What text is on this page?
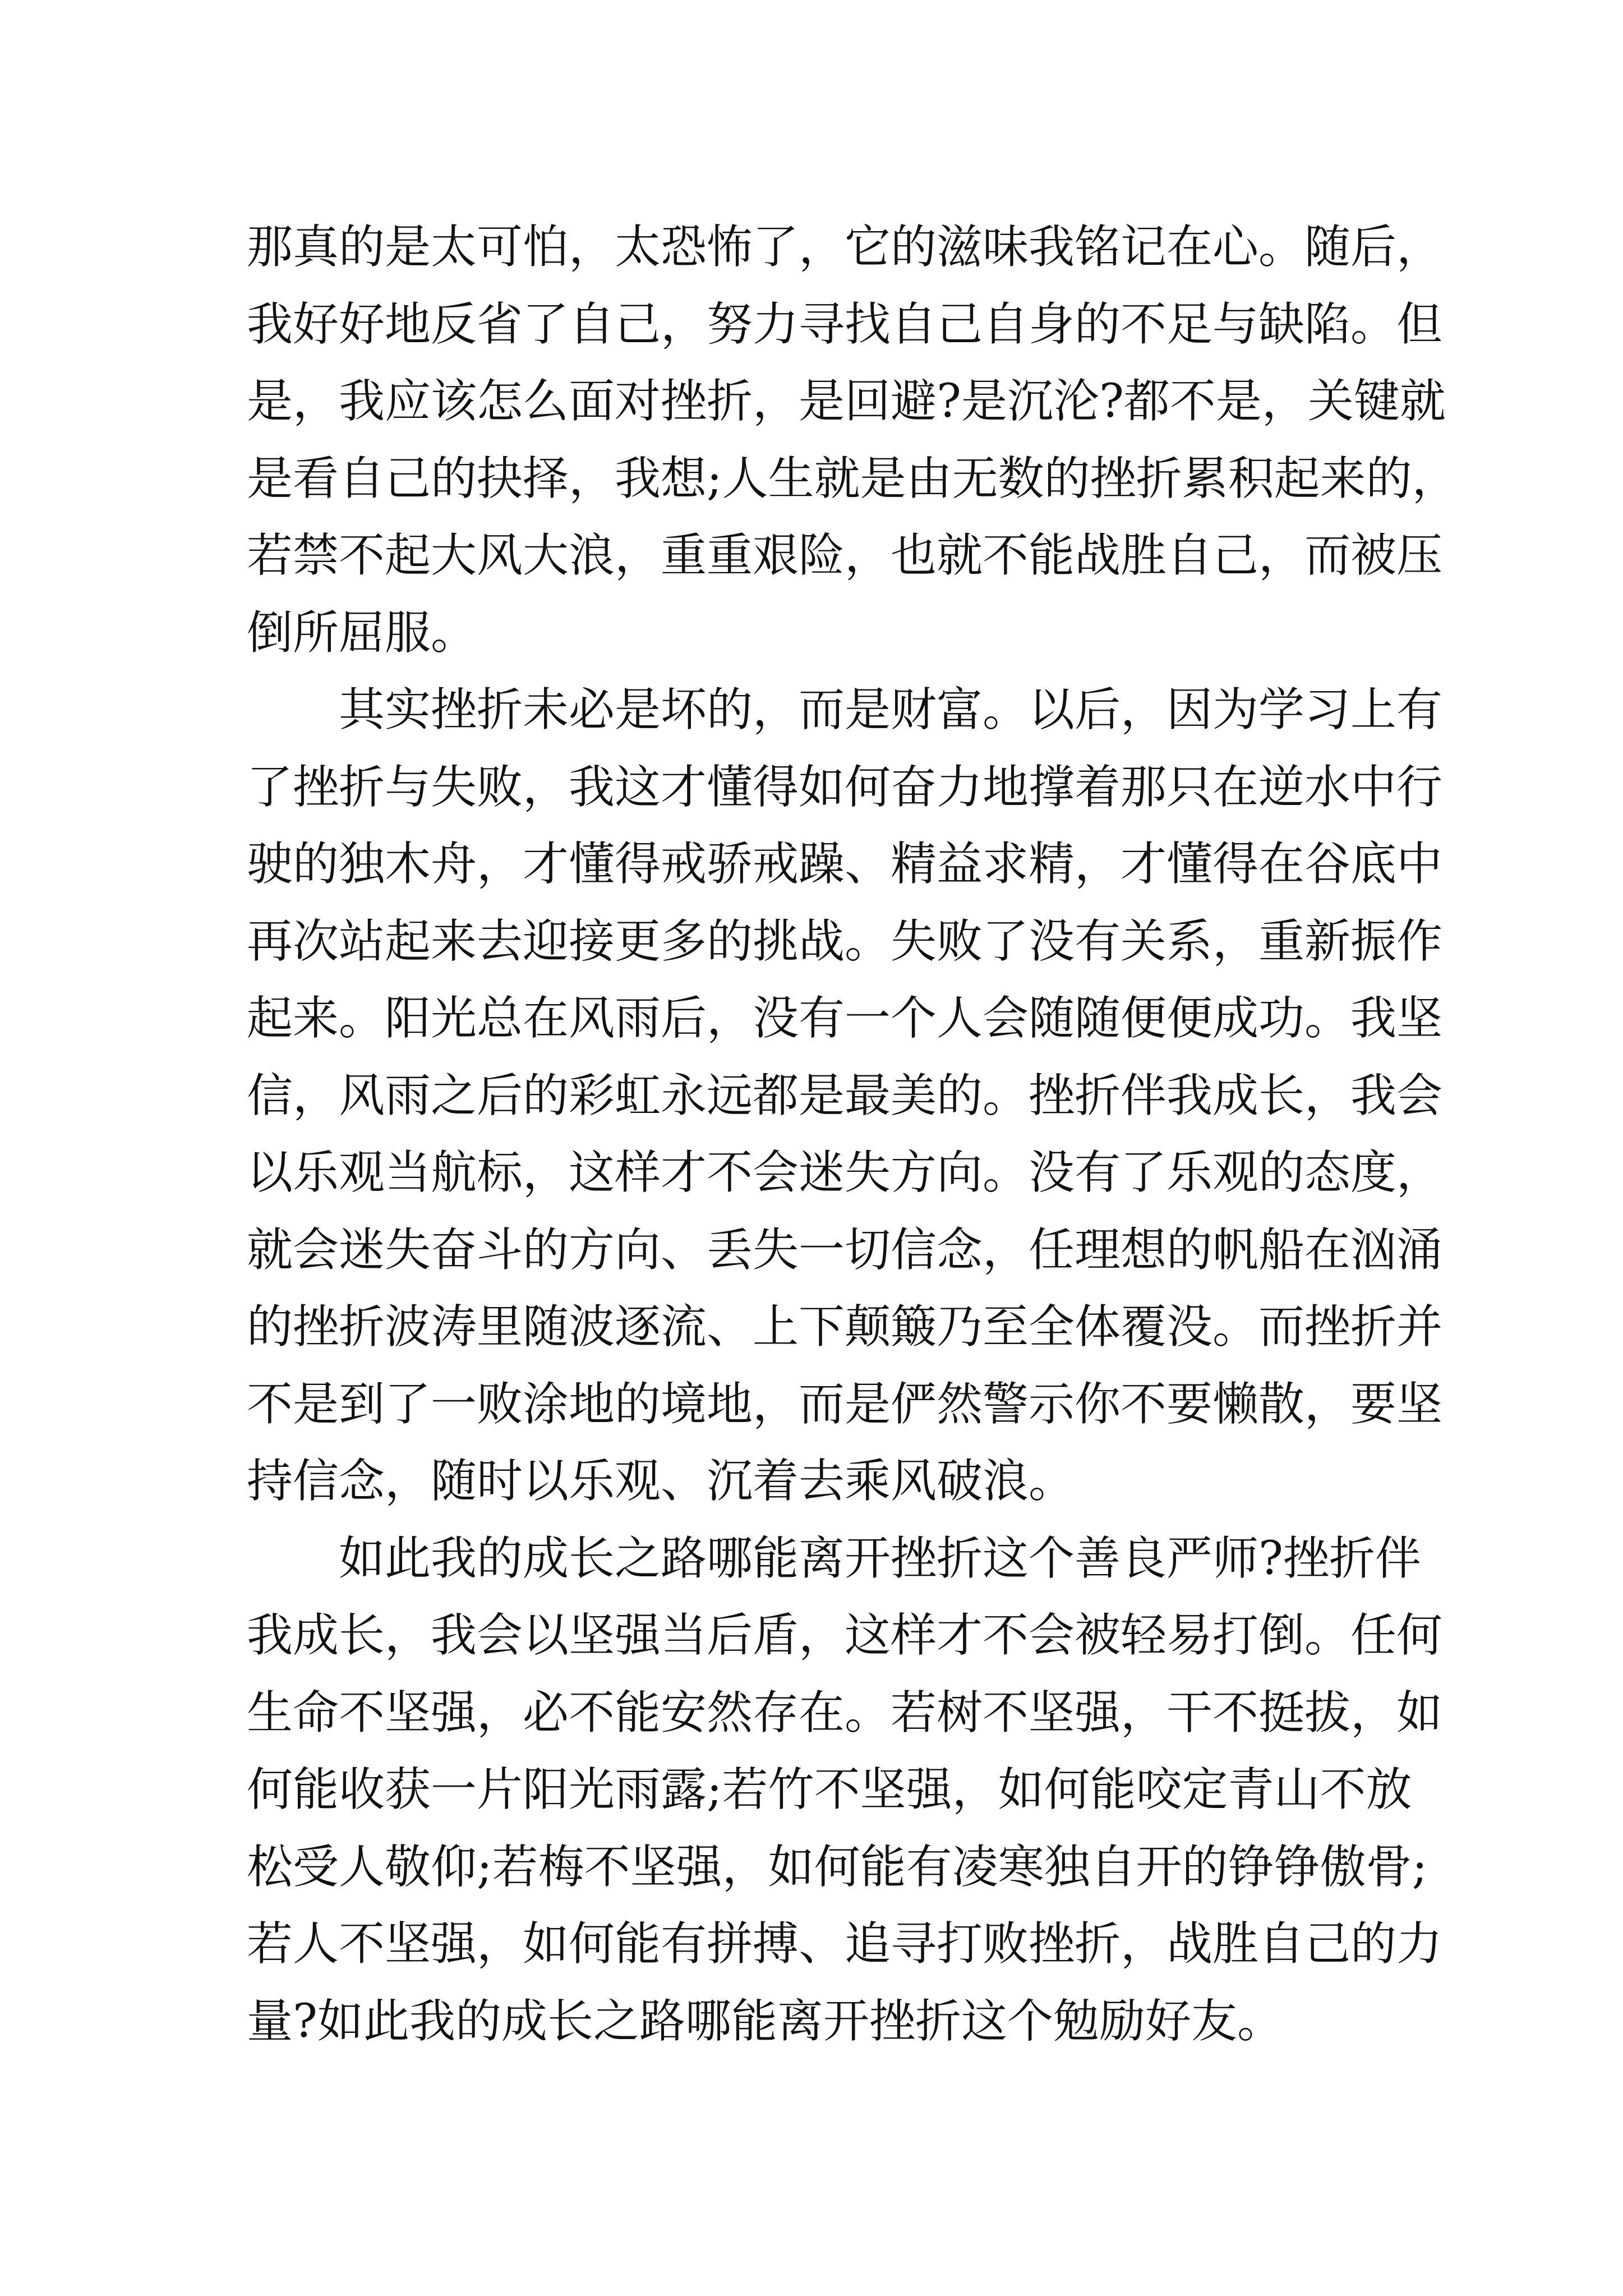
那真的是太可怕，太恐怖了，它的滋味我铭记在心。随后，
我好好地反省了自己，努力寻找自己自身的不足与缺陷。但
是，我应该怎么面对挫折，是回避?是沉沦?都不是，关键就
是看自己的抉择，我想;人生就是由无数的挫折累积起来的，
若禁不起大风大浪，重重艰险，也就不能战胜自己，而被压
倒所屈服。
其实挫折未必是坏的，而是财富。以后，因为学习上有
了挫折与失败，我这才懂得如何奋力地撑着那只在逆水中行
驶的独木舟，才懂得戒骄戒躁、精益求精，才懂得在谷底中
再次站起来去迎接更多的挑战。失败了没有关系，重新振作
起来。阳光总在风雨后，没有一个人会随随便便成功。我坚
信，风雨之后的彩虹永远都是最美的。挫折伴我成长，我会
以乐观当航标，这样才不会迷失方向。没有了乐观的态度，
就会迷失奋斗的方向、丢失一切信念，任理想的帆船在汹涌
的挫折波涛里随波逐流、上下颠簸乃至全体覆没。而挫折并
不是到了一败涂地的境地，而是俨然警示你不要懒散，要坚
持信念，随时以乐观、沉着去乘风破浪。
如此我的成长之路哪能离开挫折这个善良严师?挫折伴
我成长，我会以坚强当后盾，这样才不会被轻易打倒。任何
生命不坚强，必不能安然存在。若树不坚强，干不挺拔，如
何能收获一片阳光雨露;若竹不坚强，如何能咬定青山不放
松受人敬仰;若梅不坚强，如何能有凌寒独自开的铮铮傲骨;
若人不坚强，如何能有拼搏、追寻打败挫折，战胜自己的力
量?如此我的成长之路哪能离开挫折这个勉励好友。
